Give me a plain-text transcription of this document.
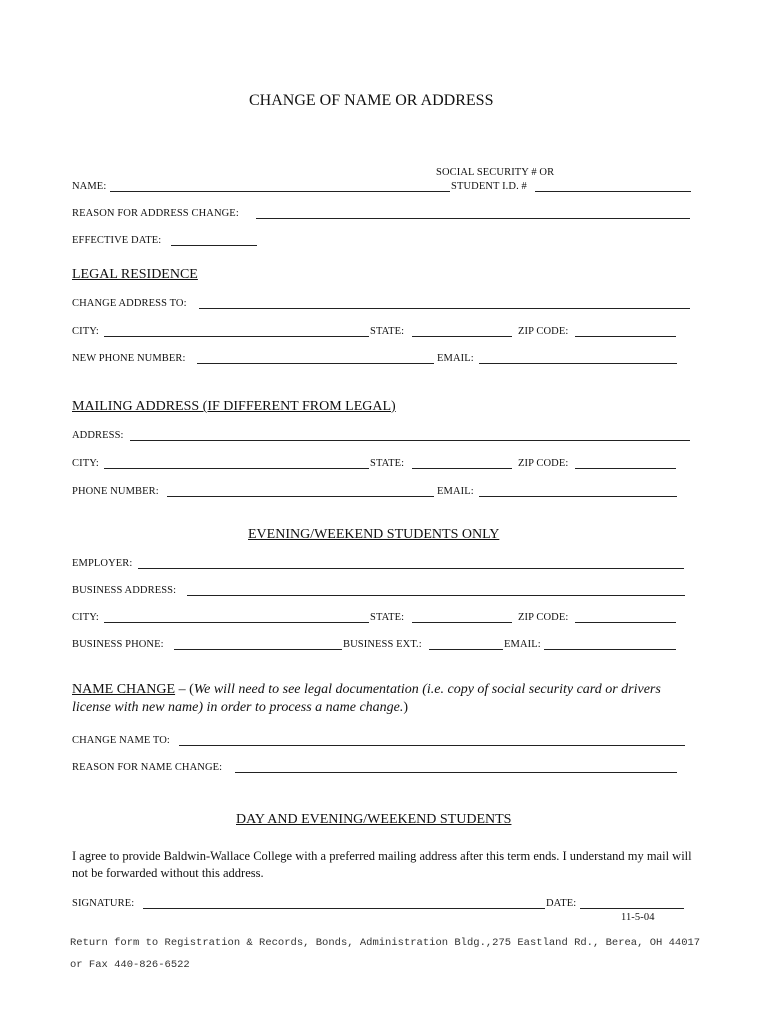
CHANGE OF NAME OR ADDRESS
SOCIAL SECURITY # OR
NAME:	STUDENT I.D. #
REASON FOR ADDRESS CHANGE:
EFFECTIVE DATE:
LEGAL RESIDENCE
CHANGE ADDRESS TO:
CITY:	STATE:	ZIP CODE:
NEW PHONE NUMBER:	EMAIL:
MAILING ADDRESS (IF DIFFERENT FROM LEGAL)
ADDRESS:
CITY:	STATE:	ZIP CODE:
PHONE NUMBER:	EMAIL:
EVENING/WEEKEND STUDENTS ONLY
EMPLOYER:
BUSINESS ADDRESS:
CITY:	STATE:	ZIP CODE:
BUSINESS PHONE:	BUSINESS EXT.:	EMAIL:
NAME CHANGE – (We will need to see legal documentation (i.e. copy of social security card or drivers license with new name) in order to process a name change.)
CHANGE NAME TO:
REASON FOR NAME CHANGE:
DAY AND EVENING/WEEKEND STUDENTS
I agree to provide Baldwin-Wallace College with a preferred mailing address after this term ends. I understand my mail will not be forwarded without this address.
SIGNATURE:	DATE:
11-5-04
Return form to Registration & Records, Bonds, Administration Bldg.,275 Eastland Rd., Berea, OH 44017
or Fax 440-826-6522
